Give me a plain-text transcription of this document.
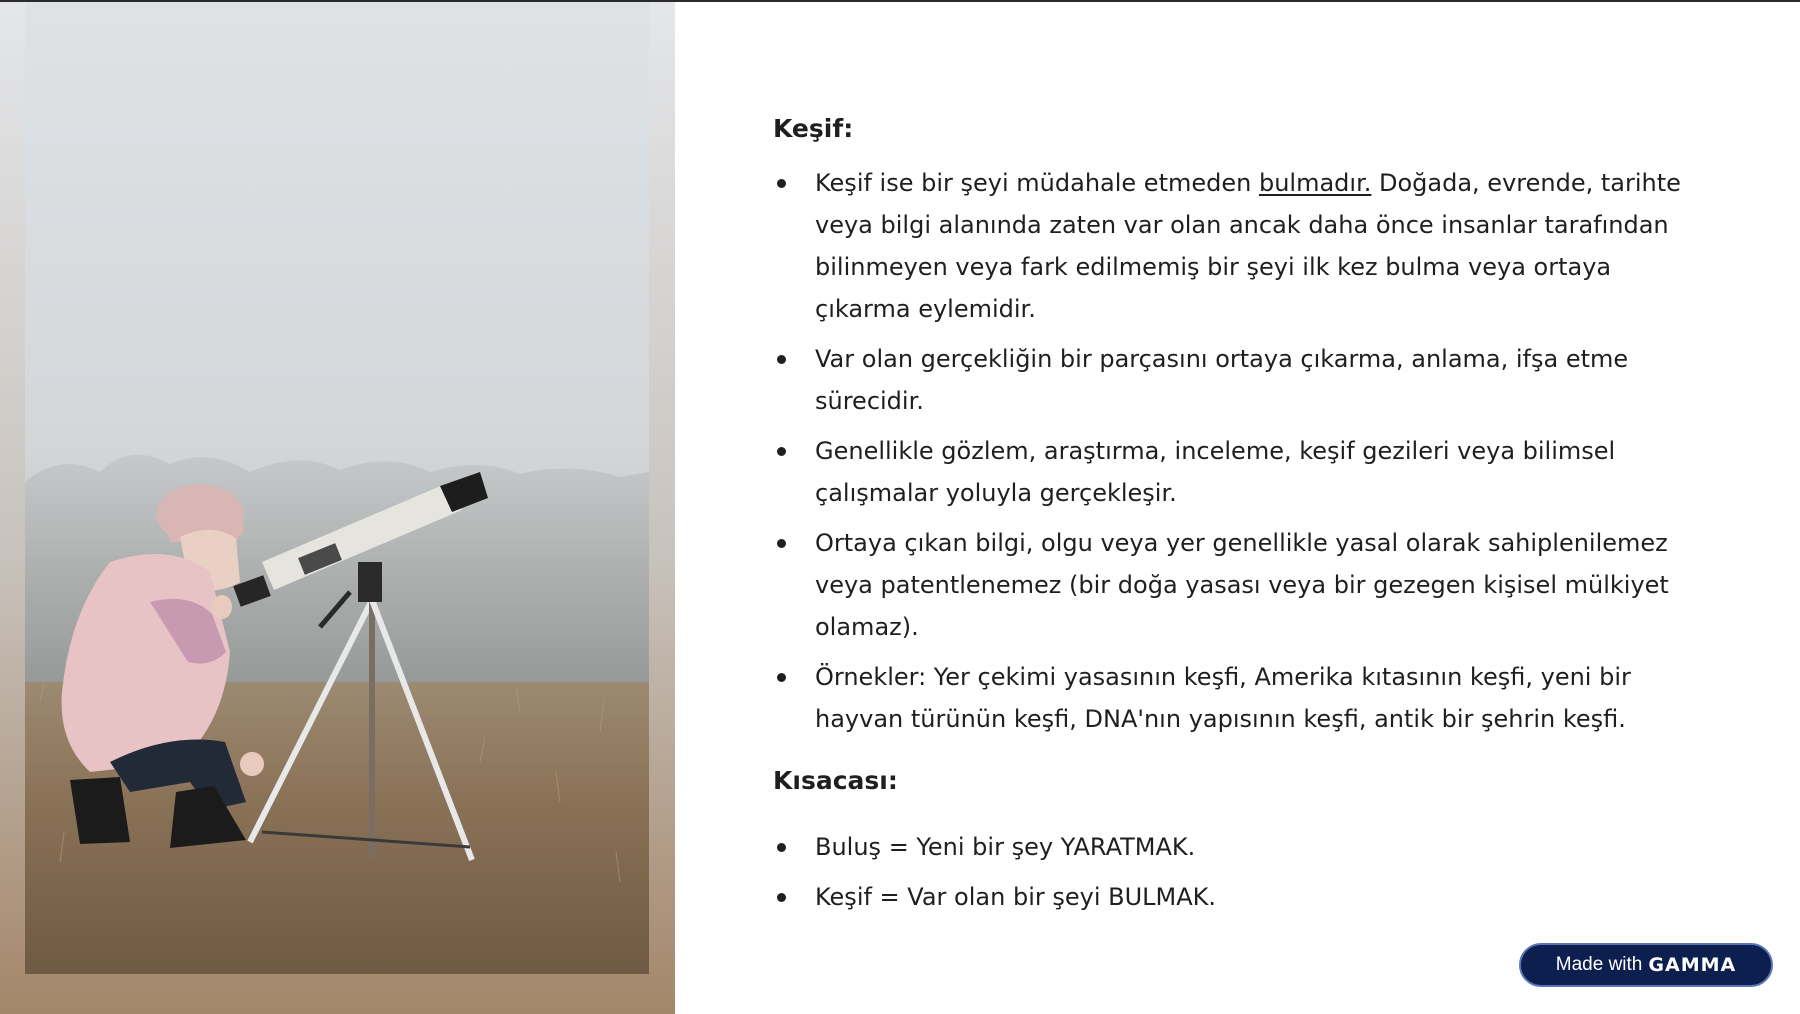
Keşif:
Keşif ise bir şeyi müdahale etmeden bulmadır. Doğada, evrende, tarihte veya bilgi alanında zaten var olan ancak daha önce insanlar tarafından bilinmeyen veya fark edilmemiş bir şeyi ilk kez bulma veya ortaya çıkarma eylemidir.
Var olan gerçekliğin bir parçasını ortaya çıkarma, anlama, ifşa etme sürecidir.
Genellikle gözlem, araştırma, inceleme, keşif gezileri veya bilimsel çalışmalar yoluyla gerçekleşir.
Ortaya çıkan bilgi, olgu veya yer genellikle yasal olarak sahiplenilemez veya patentlenemez (bir doğa yasası veya bir gezegen kişisel mülkiyet olamaz).
Örnekler: Yer çekimi yasasının keşfi, Amerika kıtasının keşfi, yeni bir hayvan türünün keşfi, DNA'nın yapısının keşfi, antik bir şehrin keşfi.
Kısacası:
Buluş = Yeni bir şey YARATMAK.
Keşif = Var olan bir şeyi BULMAK.
Made with GAMMA
